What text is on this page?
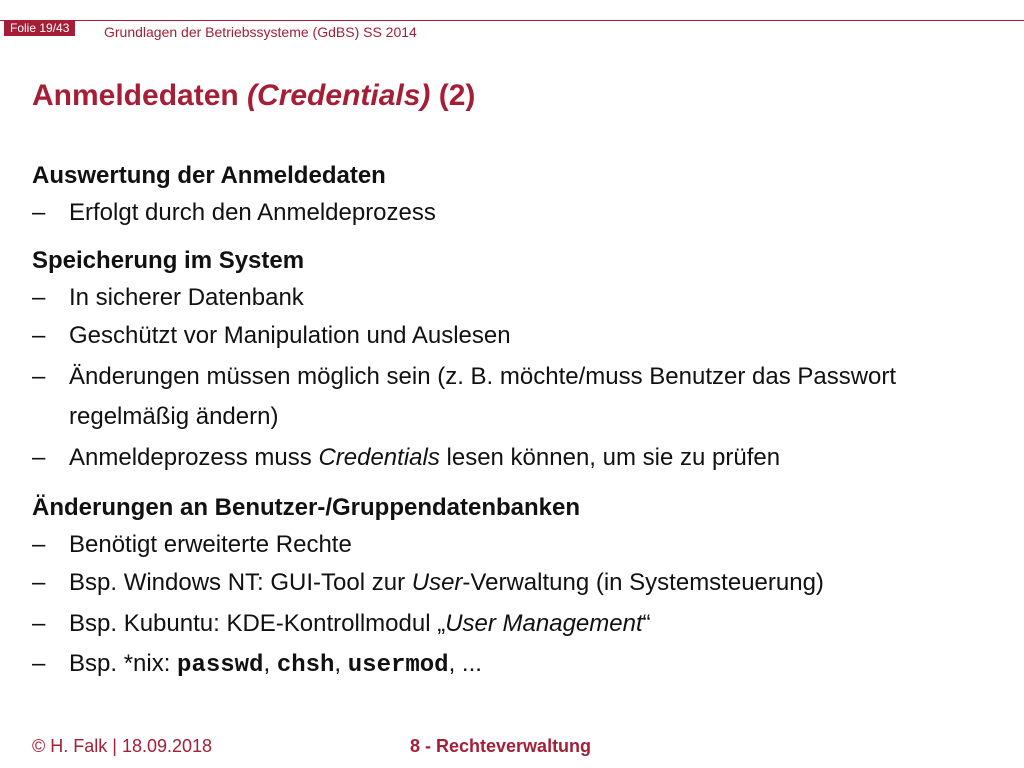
Folie 19/43	Grundlagen der Betriebssysteme (GdBS) SS 2014
Anmeldedaten (Credentials) (2)
Auswertung der Anmeldedaten
– Erfolgt durch den Anmeldeprozess
Speicherung im System
– In sicherer Datenbank
– Geschützt vor Manipulation und Auslesen
– Änderungen müssen möglich sein (z. B. möchte/muss Benutzer das Passwort regelmäßig ändern)
– Anmeldeprozess muss Credentials lesen können, um sie zu prüfen
Änderungen an Benutzer-/Gruppendatenbanken
– Benötigt erweiterte Rechte
– Bsp. Windows NT: GUI-Tool zur User-Verwaltung (in Systemsteuerung)
– Bsp. Kubuntu: KDE-Kontrollmodul „User Management“
– Bsp. *nix: passwd, chsh, usermod, ...
© H. Falk | 18.09.2018	8 - Rechteverwaltung
